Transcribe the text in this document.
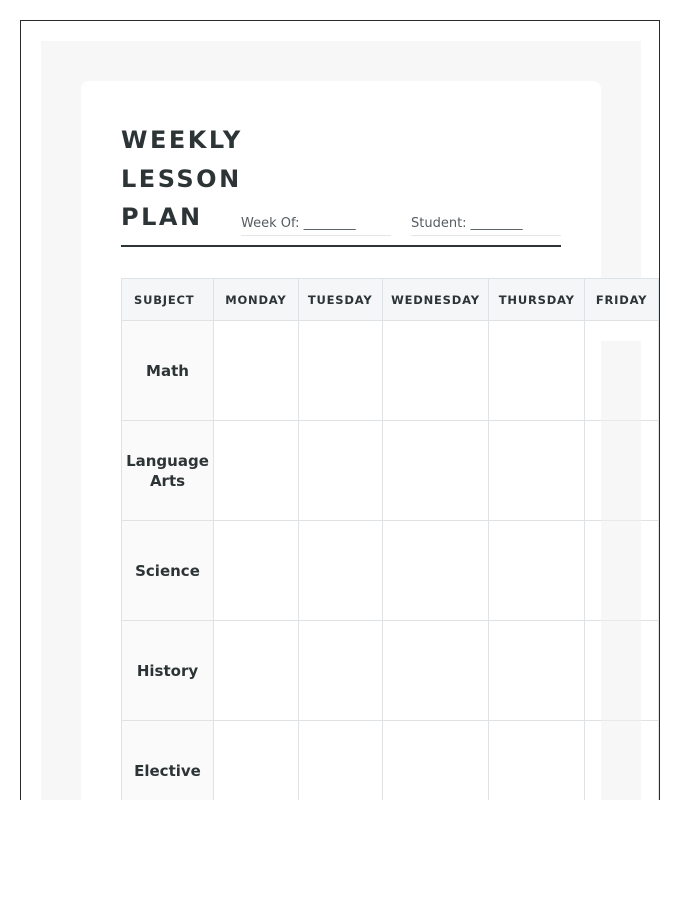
WEEKLY
LESSON
PLAN	Week Of: ________	Student: ________
SUBJECT	MONDAY	TUESDAY	WEDNESDAY	THURSDAY	FRIDAY
Math					
Language Arts					
Science					
History					
Elective					
